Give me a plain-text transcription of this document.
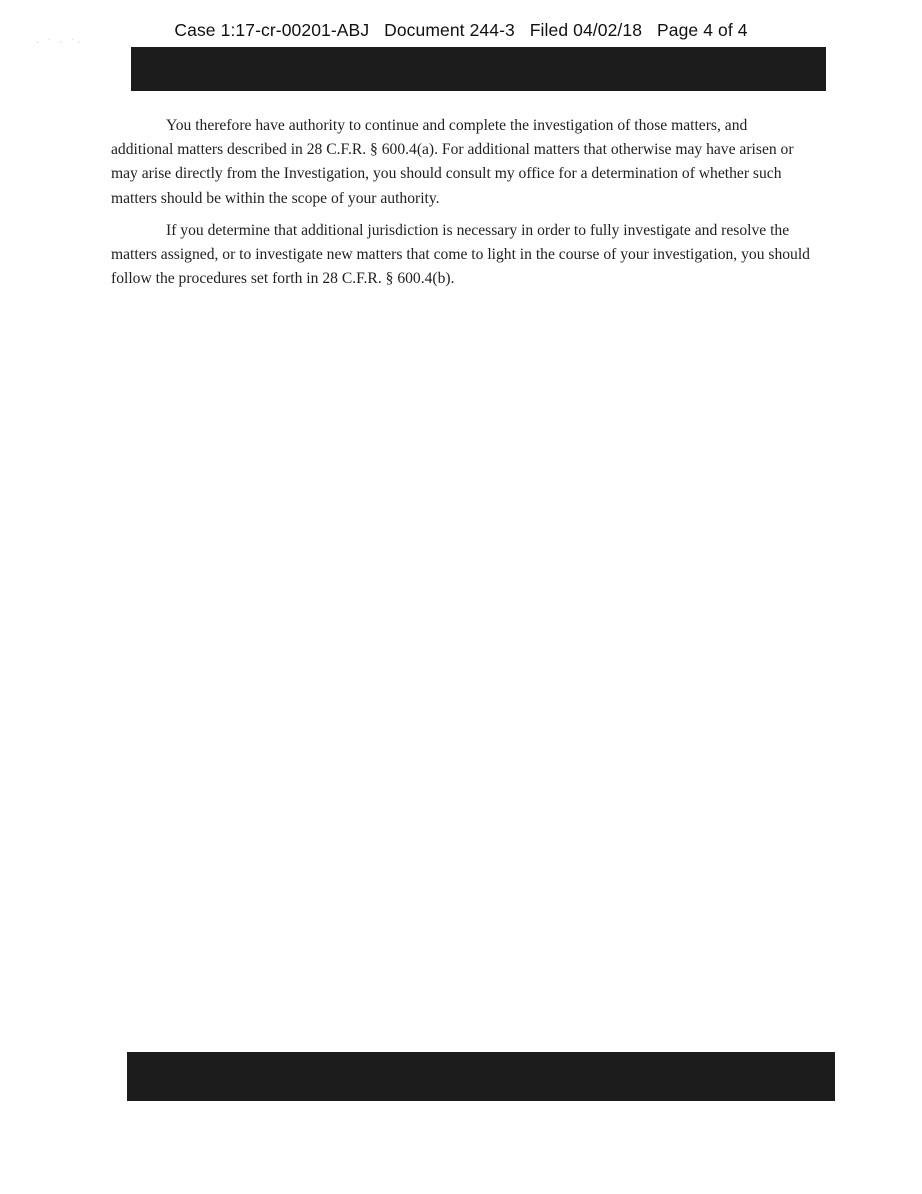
Case 1:17-cr-00201-ABJ Document 244-3 Filed 04/02/18 Page 4 of 4
· ˙ · ˙·

You therefore have authority to continue and complete the investigation of those matters, and additional matters described in 28 C.F.R. § 600.4(a). For additional matters that otherwise may have arisen or may arise directly from the Investigation, you should consult my office for a determination of whether such matters should be within the scope of your authority.

If you determine that additional jurisdiction is necessary in order to fully investigate and resolve the matters assigned, or to investigate new matters that come to light in the course of your investigation, you should follow the procedures set forth in 28 C.F.R. § 600.4(b).
